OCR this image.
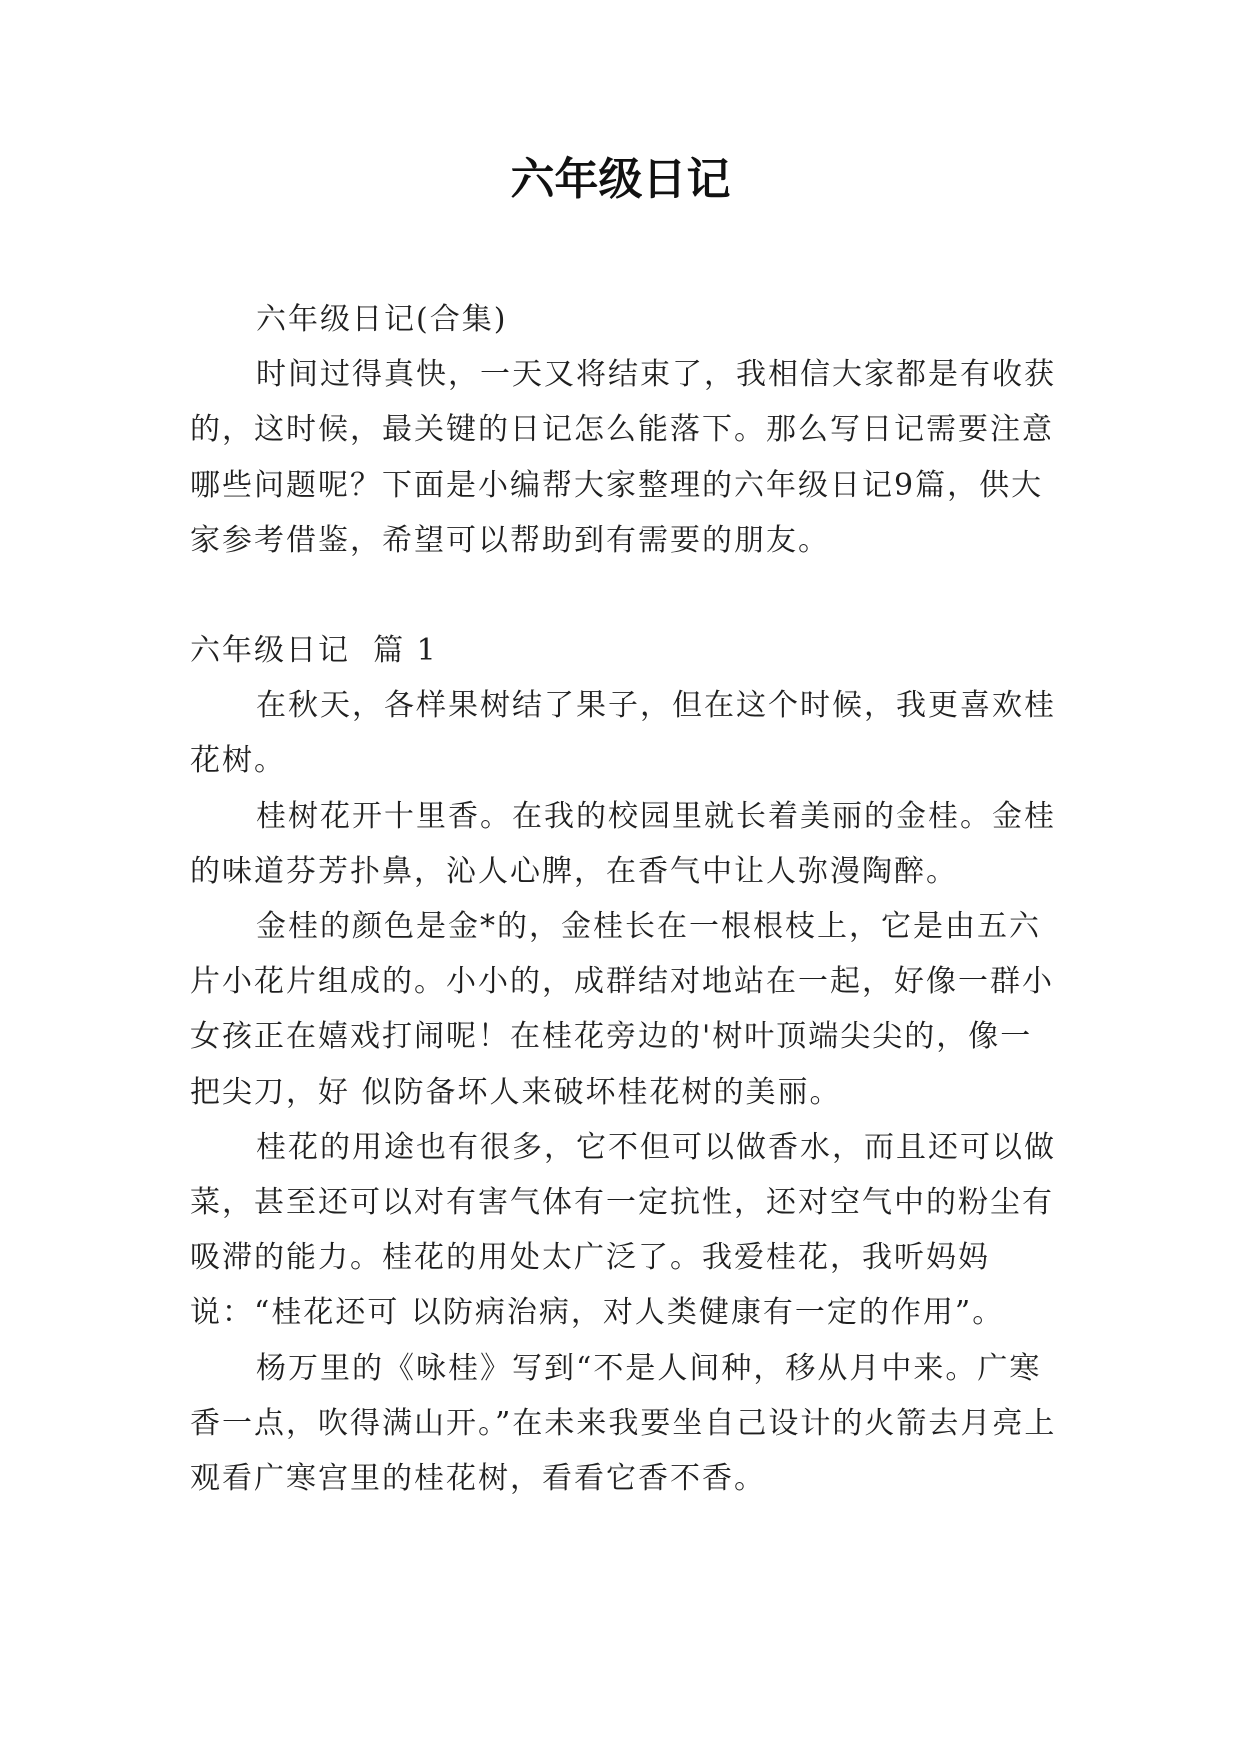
六年级日记

六年级日记(合集)

时间过得真快，一天又将结束了，我相信大家都是有收获的，这时候，最关键的日记怎么能落下。那么写日记需要注意哪些问题呢？下面是小编帮大家整理的六年级日记9篇，供大家参考借鉴，希望可以帮助到有需要的朋友。

六年级日记  篇 1

在秋天，各样果树结了果子，但在这个时候，我更喜欢桂花树。

桂树花开十里香。在我的校园里就长着美丽的金桂。金桂的味道芬芳扑鼻，沁人心脾，在香气中让人弥漫陶醉。

金桂的颜色是金*的，金桂长在一根根枝上，它是由五六片小花片组成的。小小的，成群结对地站在一起，好像一群小女孩正在嬉戏打闹呢！在桂花旁边的'树叶顶端尖尖的，像一把尖刀，好 似防备坏人来破坏桂花树的美丽。

桂花的用途也有很多，它不但可以做香水，而且还可以做菜，甚至还可以对有害气体有一定抗性，还对空气中的粉尘有吸滞的能力。桂花的用处太广泛了。我爱桂花，我听妈妈说：“桂花还可 以防病治病，对人类健康有一定的作用”。

杨万里的《咏桂》写到“不是人间种，移从月中来。广寒香一点，吹得满山开。”在未来我要坐自己设计的火箭去月亮上观看广寒宫里的桂花树，看看它香不香。
